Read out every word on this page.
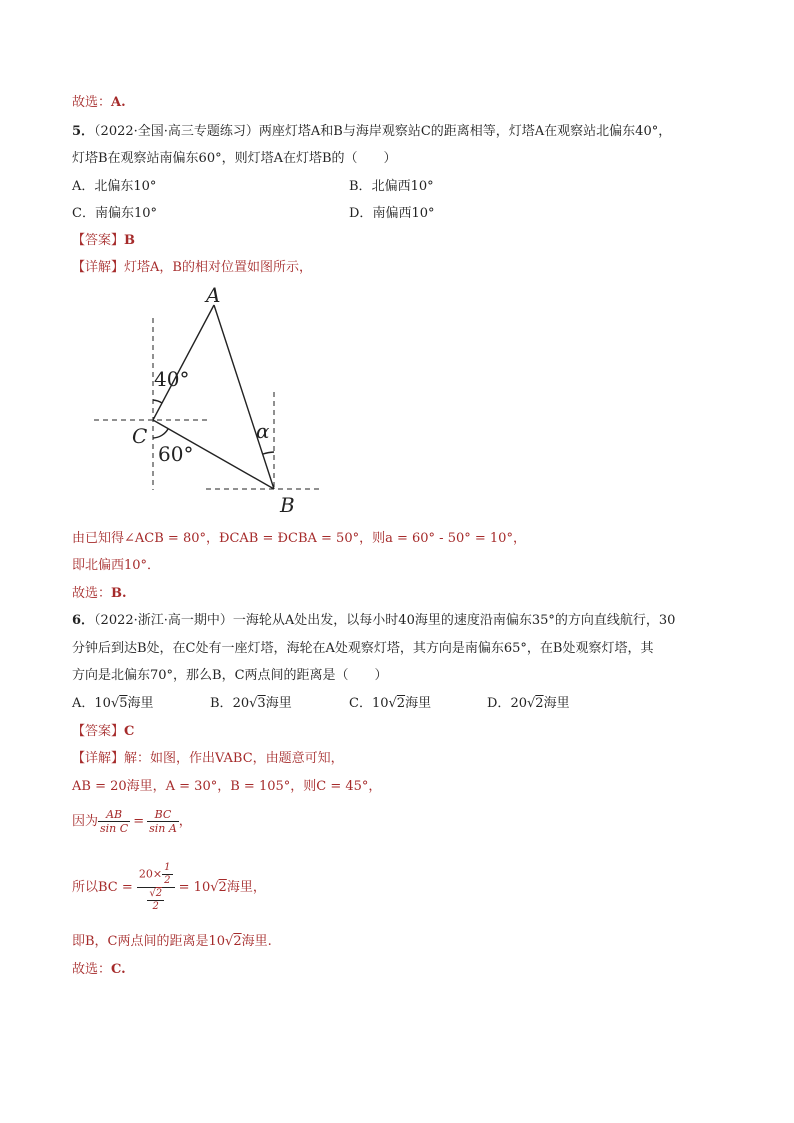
故选：A.
5．（2022·全国·高三专题练习）两座灯塔A和B与海岸观察站C的距离相等，灯塔A在观察站北偏东40°，
灯塔B在观察站南偏东60°，则灯塔A在灯塔B的（　　）
A．北偏东10°	B．北偏西10°
C．南偏东10°	D．南偏西10°
【答案】B
【详解】灯塔A，B的相对位置如图所示，
A
B
C
40°
60°
α
由已知得∠ACB = 80°，ÐCAB = ÐCBA = 50°，则a = 60° - 50° = 10°，
即北偏西10°．
故选：B.
6．（2022·浙江·高一期中）一海轮从A处出发，以每小时40海里的速度沿南偏东35°的方向直线航行，30
分钟后到达B处，在C处有一座灯塔，海轮在A处观察灯塔，其方向是南偏东65°，在B处观察灯塔，其
方向是北偏东70°，那么B，C两点间的距离是（　　）
A．10√5海里	B．20√3海里	C．10√2海里	D．20√2海里
【答案】C
【详解】解：如图，作出VABC，由题意可知，
AB = 20海里，A = 30°，B = 105°，则C = 45°，
因为 $\frac{AB}{\text{sin C}} = \frac{BC}{\text{sin A}}$ ，
所以BC = $\frac{20\times \frac{1}{2}}{\frac{√2}{2}} = 10√2$海里，
即B，C两点间的距离是10√2海里.
故选：C.
